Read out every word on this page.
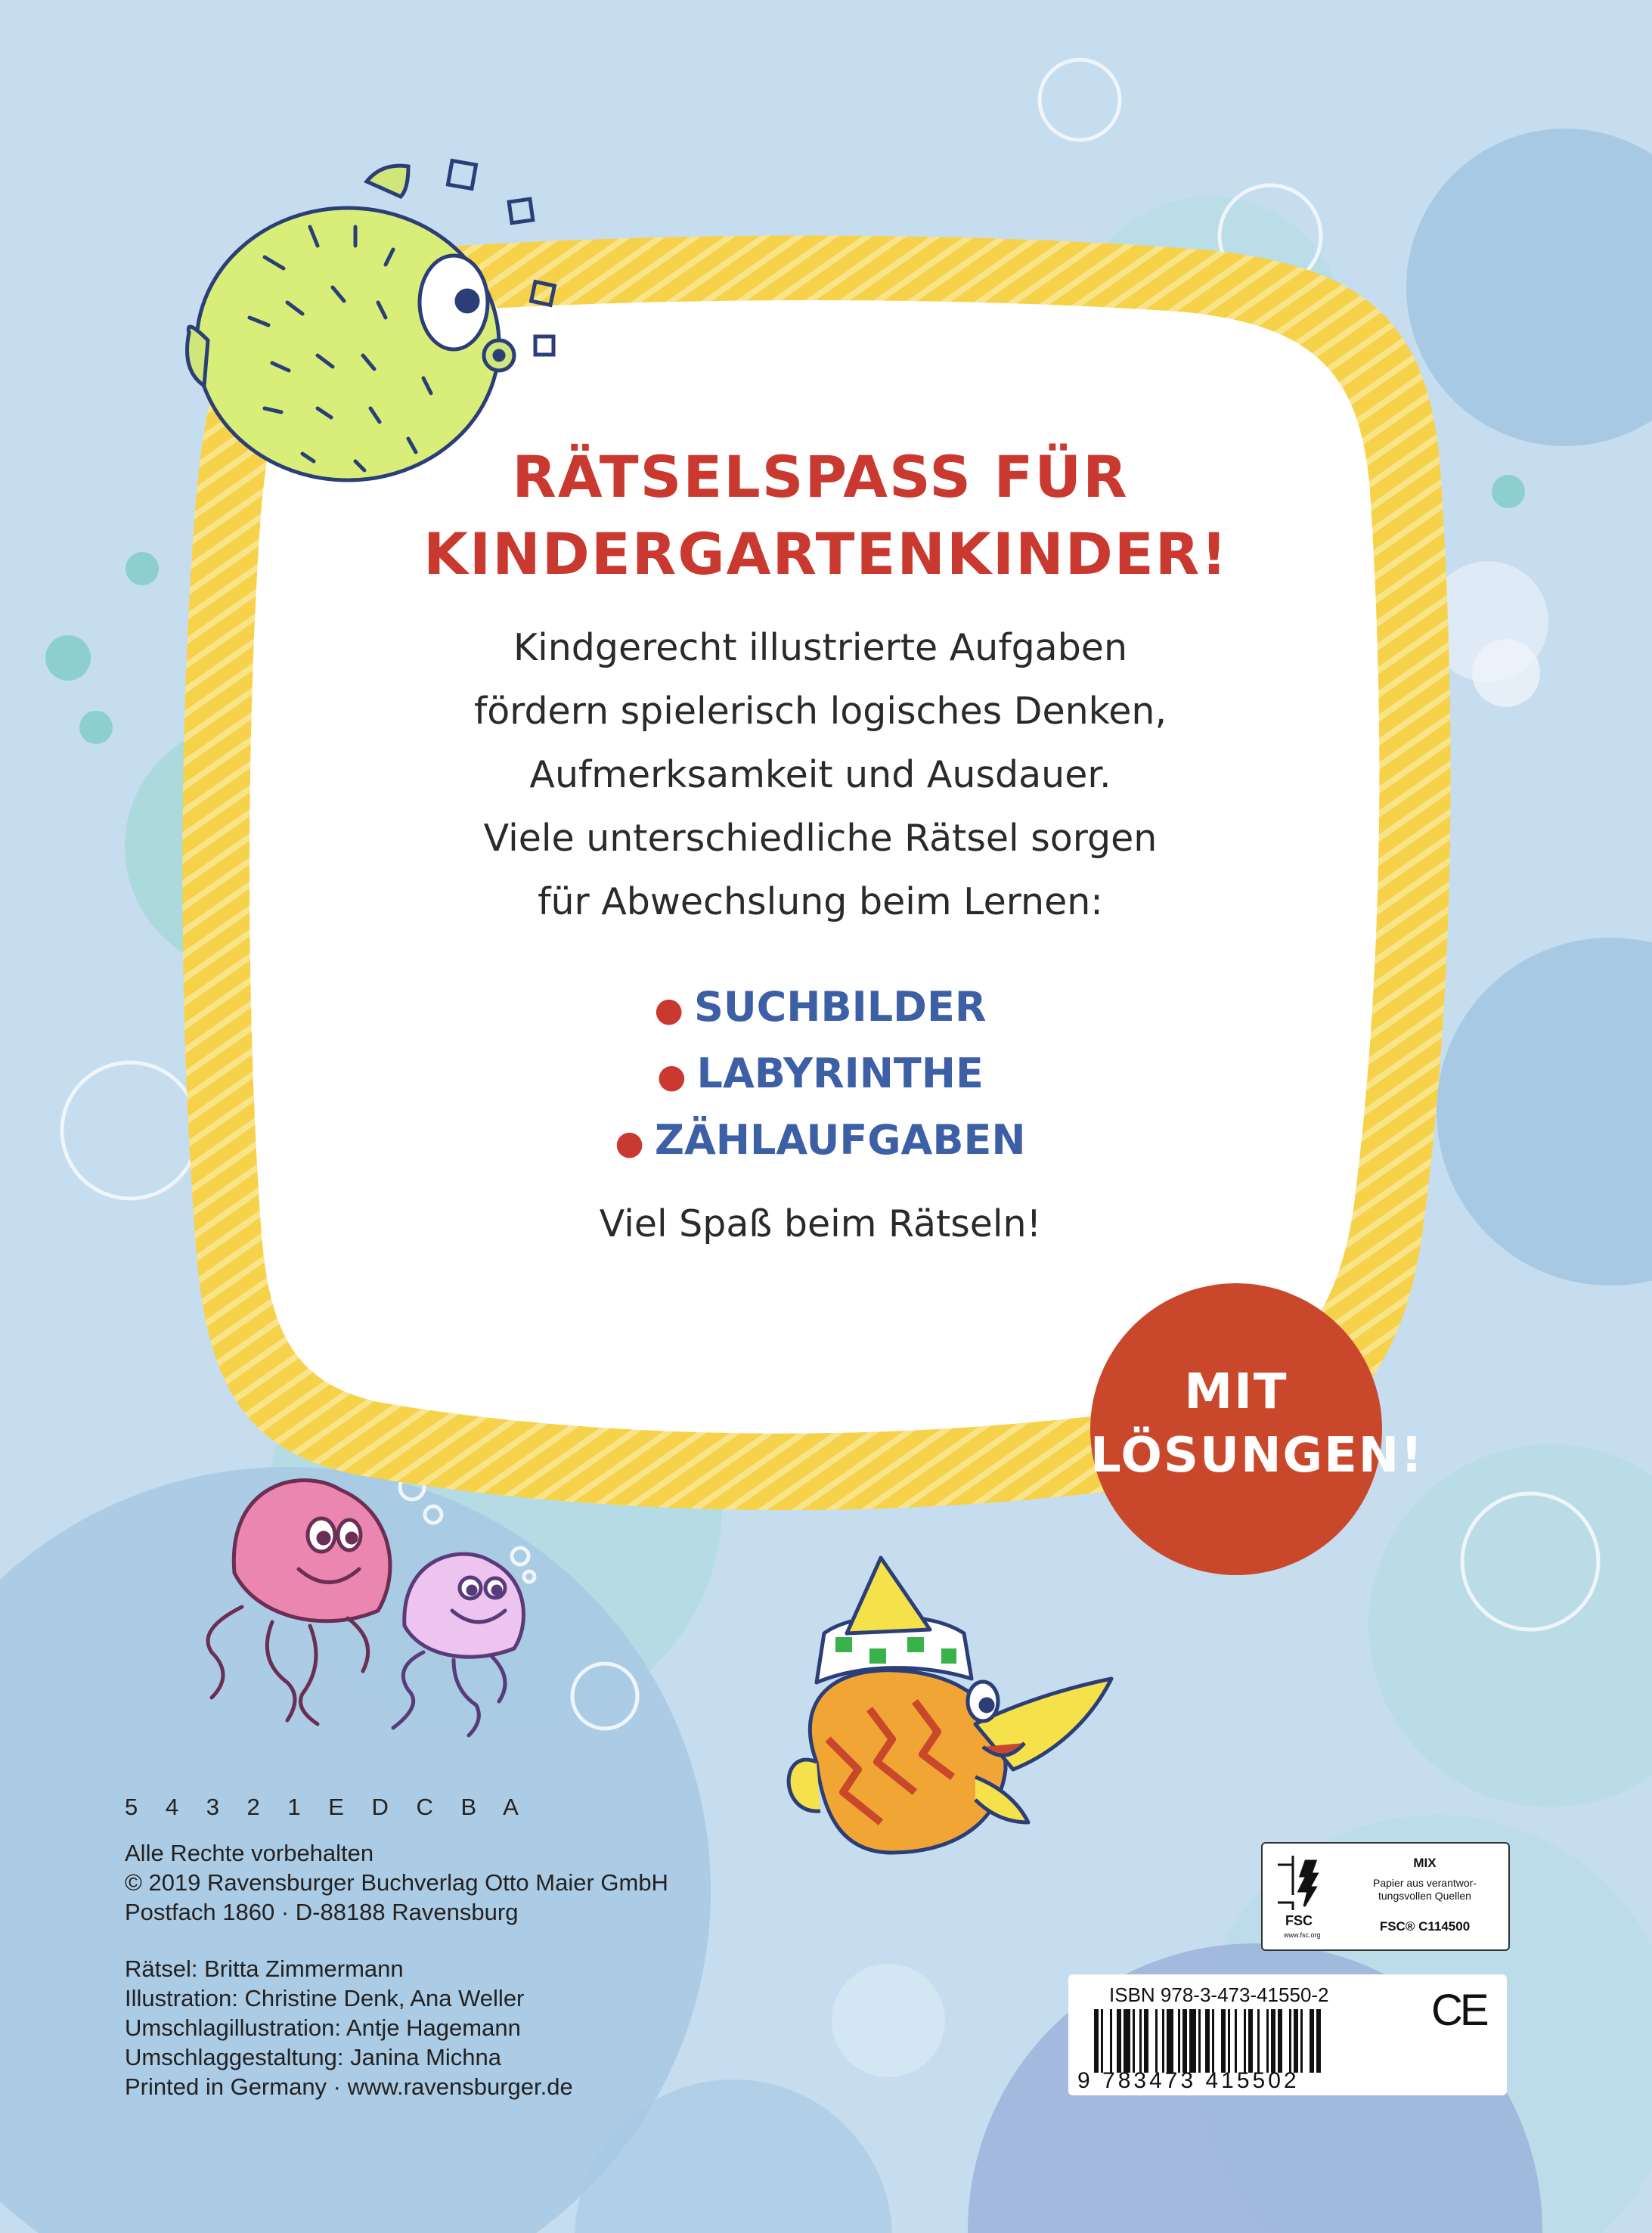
RÄTSELSPASS FÜR
KINDERGARTENKINDER!
Kindgerecht illustrierte Aufgaben
fördern spielerisch logisches Denken,
Aufmerksamkeit und Ausdauer.
Viele unterschiedliche Rätsel sorgen
für Abwechslung beim Lernen:
● SUCHBILDER
● LABYRINTHE
● ZÄHLAUFGABEN
Viel Spaß beim Rätseln!
MIT
LÖSUNGEN!
5 4 3 2 1 E D C B A
Alle Rechte vorbehalten
© 2019 Ravensburger Buchverlag Otto Maier GmbH
Postfach 1860 · D-88188 Ravensburg
Rätsel: Britta Zimmermann
Illustration: Christine Denk, Ana Weller
Umschlagillustration: Antje Hagemann
Umschlaggestaltung: Janina Michna
Printed in Germany · www.ravensburger.de
FSC
www.fsc.org
MIX
Papier aus verantwor-
tungsvollen Quellen
FSC® C114500
ISBN 978-3-473-41550-2
9 783473 415502
CE
